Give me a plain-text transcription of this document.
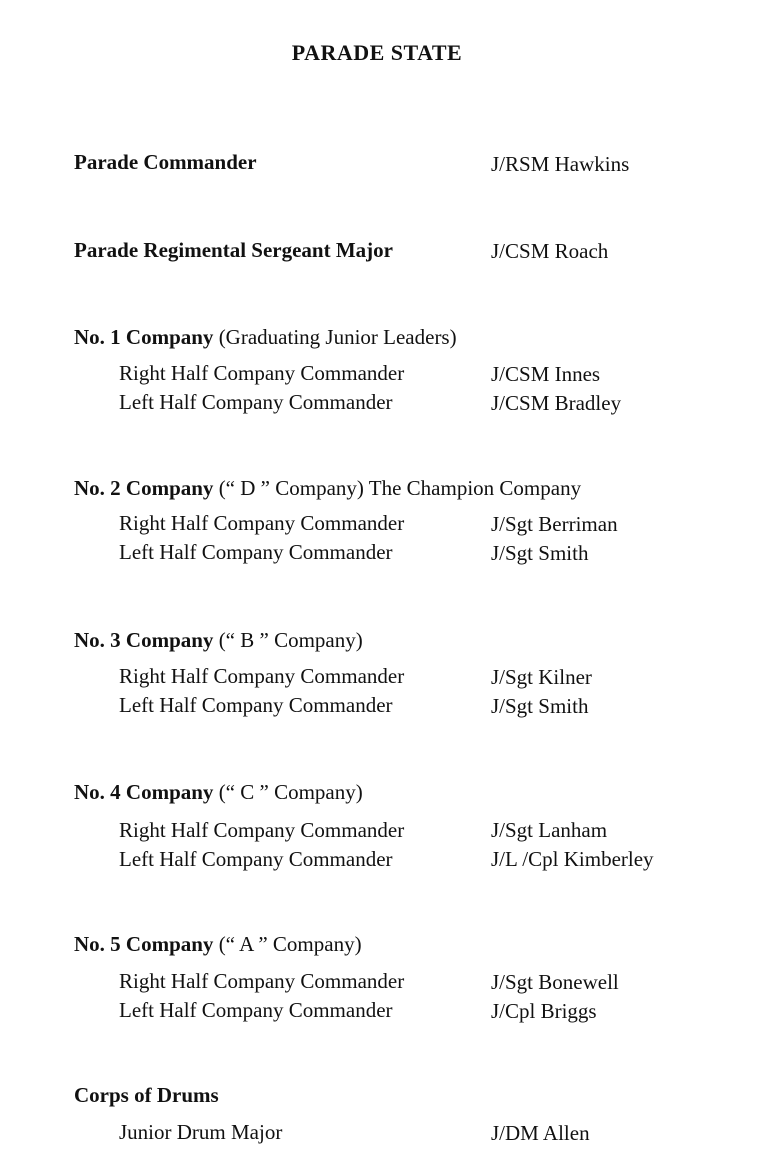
PARADE STATE
Parade Commander	J/RSM Hawkins
Parade Regimental Sergeant Major	J/CSM Roach
No. 1 Company (Graduating Junior Leaders)
Right Half Company Commander	J/CSM Innes
Left Half Company Commander	J/CSM Bradley
No. 2 Company (“ D ” Company) The Champion Company
Right Half Company Commander	J/Sgt Berriman
Left Half Company Commander	J/Sgt Smith
No. 3 Company (“ B ” Company)
Right Half Company Commander	J/Sgt Kilner
Left Half Company Commander	J/Sgt Smith
No. 4 Company (“ C ” Company)
Right Half Company Commander	J/Sgt Lanham
Left Half Company Commander	J/L /Cpl Kimberley
No. 5 Company (“ A ” Company)
Right Half Company Commander	J/Sgt Bonewell
Left Half Company Commander	J/Cpl Briggs
Corps of Drums
Junior Drum Major	J/DM Allen
